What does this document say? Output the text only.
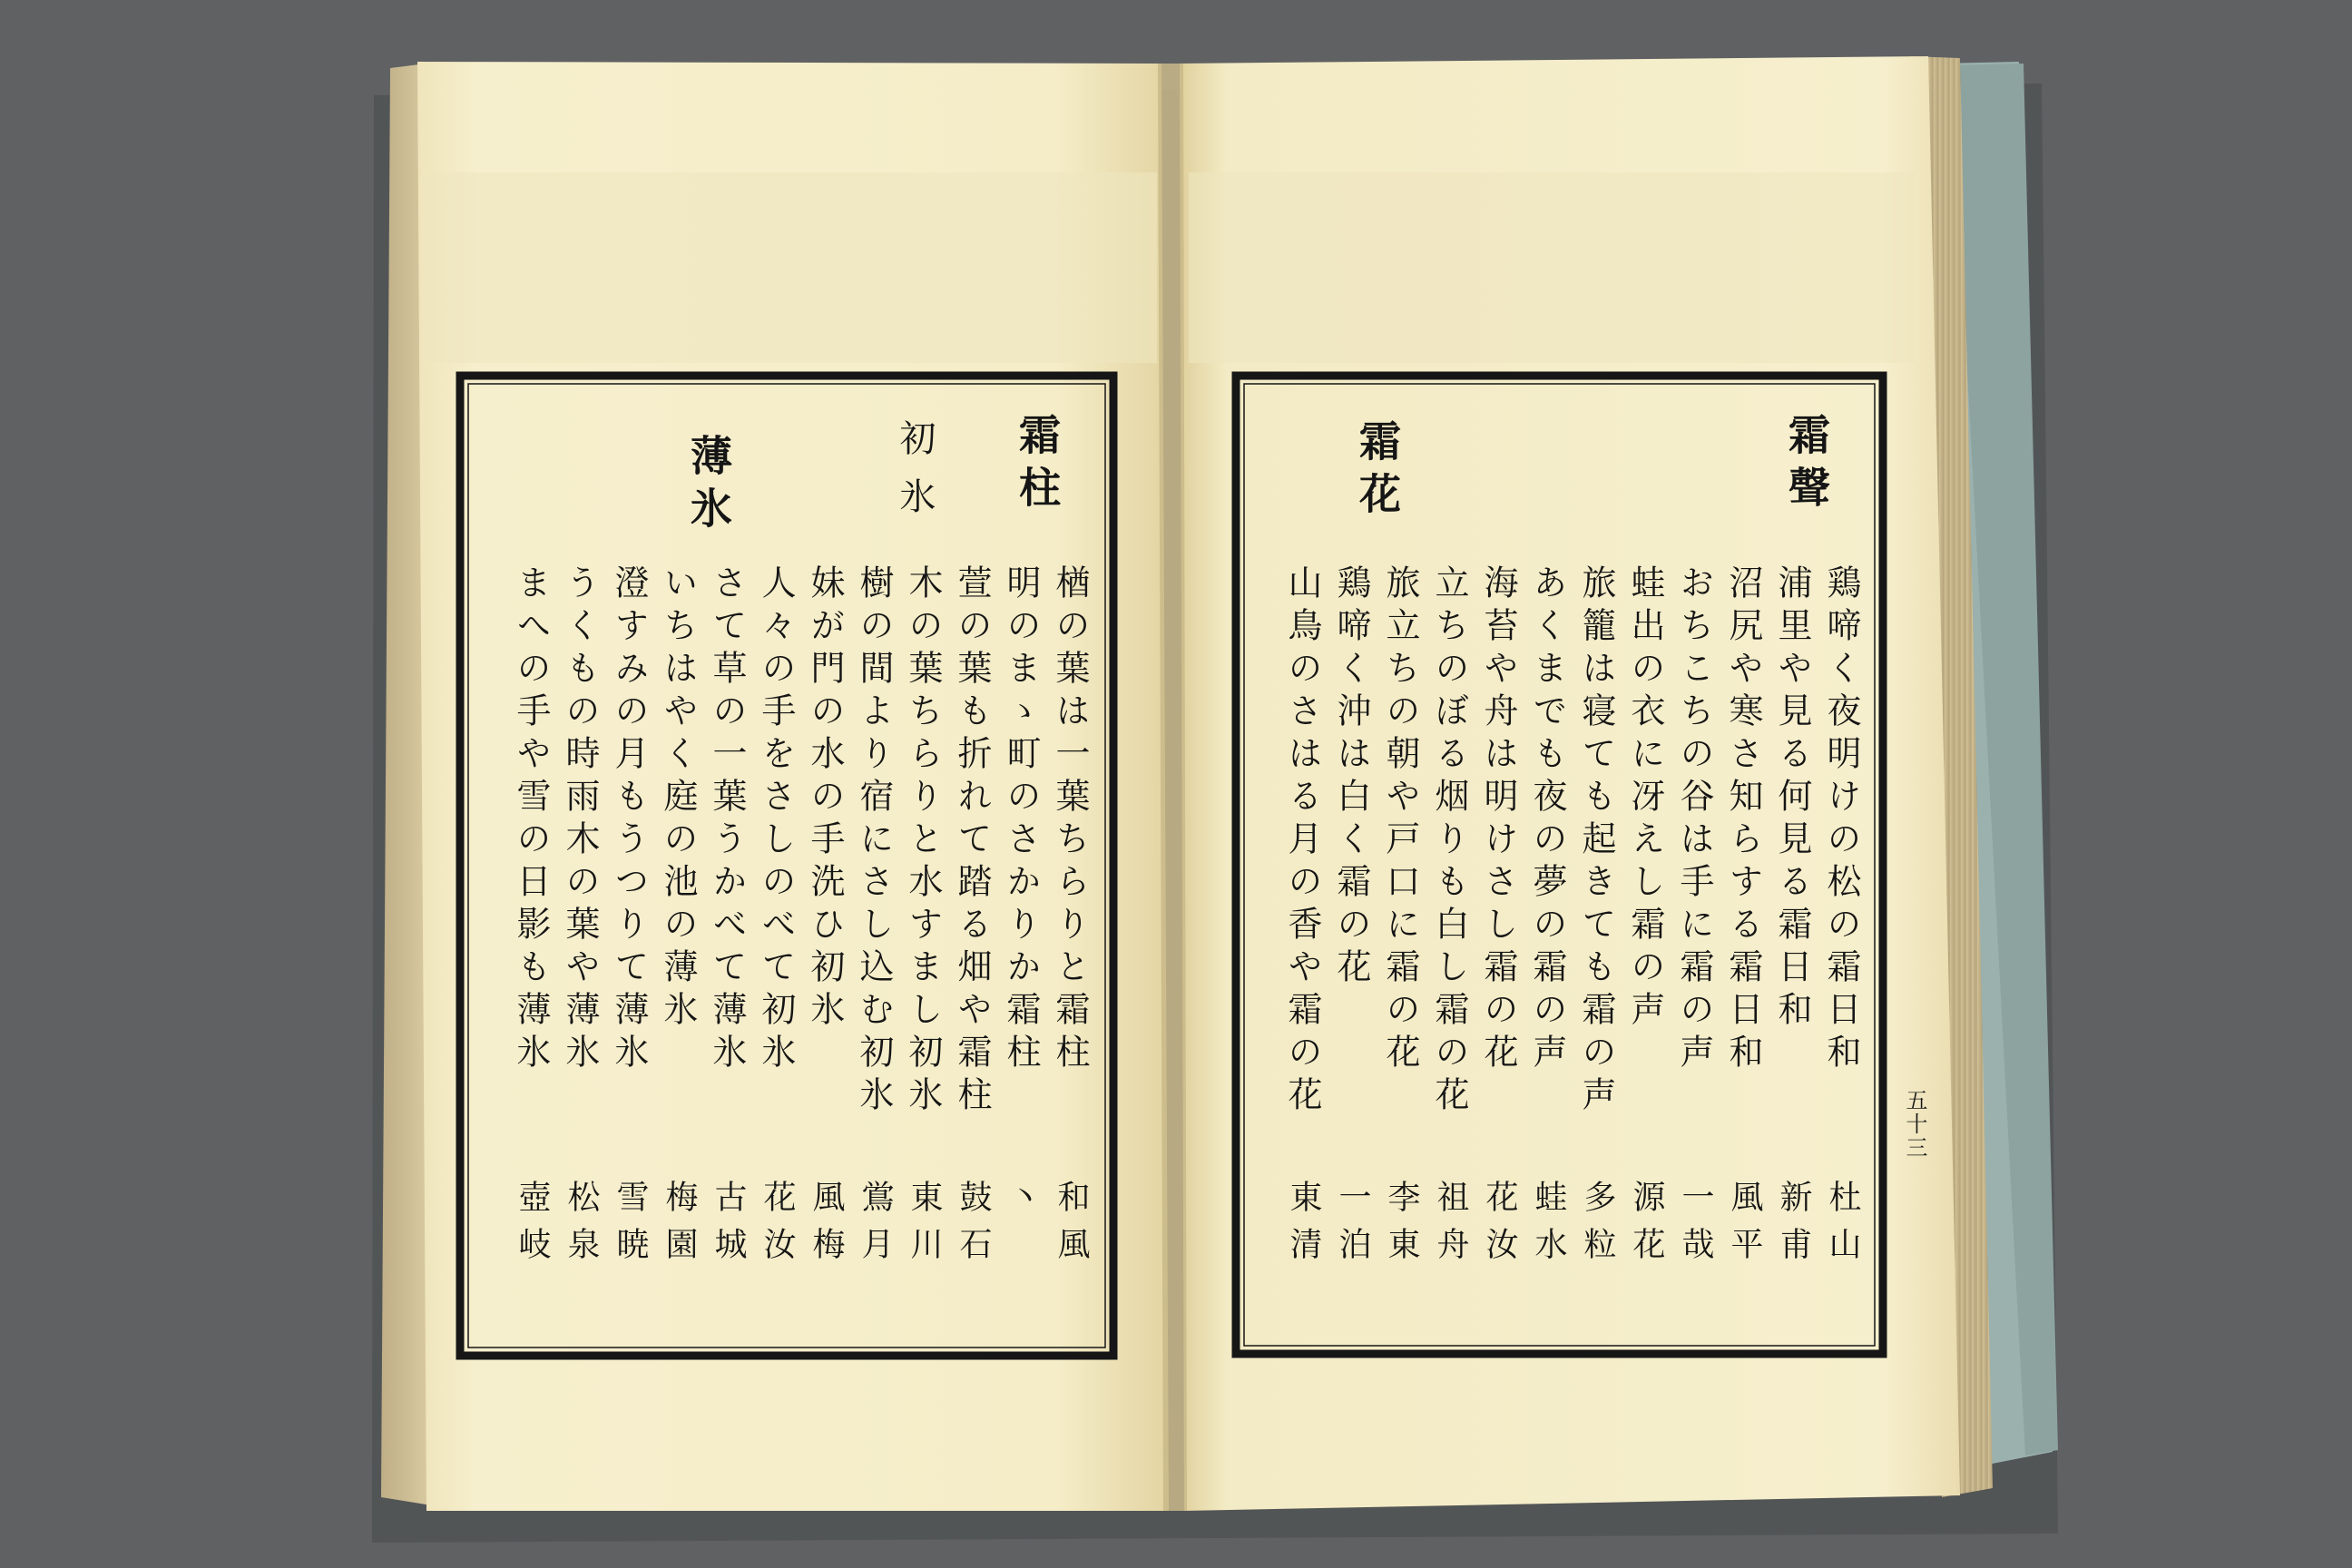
霜柱
初氷
薄氷
楢の葉は一葉ちらりと霜柱
明のまゝ町のさかりか霜柱
萱の葉も折れて踏る畑や霜柱
木の葉ちらりと水すまし初氷
樹の間より宿にさし込む初氷
妹が門の水の手洗ひ初氷
人々の手をさしのべて初氷
さて草の一葉うかべて薄氷
いちはやく庭の池の薄氷
澄すみの月もうつりて薄氷
うくもの時雨木の葉や薄氷
まへの手や雪の日影も薄氷
和風
丶
鼓石
東川
鴬月
風梅
花汝
古城
梅園
雪暁
松泉
壺岐
霜聲
霜花
鶏啼く夜明けの松の霜日和
浦里や見る何見る霜日和
沼尻や寒さ知らする霜日和
おちこちの谷は手に霜の声
蛙出の衣に冴えし霜の声
旅籠は寝ても起きても霜の声
あくまでも夜の夢の霜の声
海苔や舟は明けさし霜の花
立ちのぼる烟りも白し霜の花
旅立ちの朝や戸口に霜の花
鶏啼く沖は白く霜の花
山鳥のさはる月の香や霜の花
杜山
新甫
風平
一哉
源花
多粒
蛙水
花汝
祖舟
李東
一泊
東清
五十三
